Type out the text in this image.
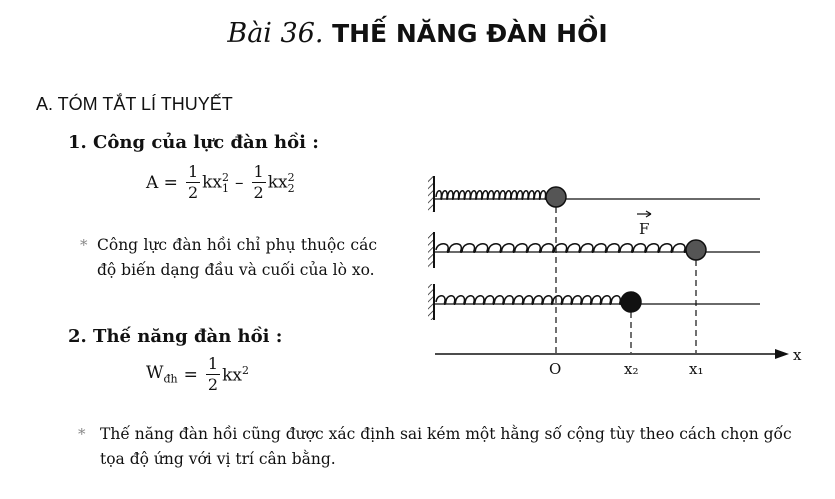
Bài 36. THẾ NĂNG ĐÀN HỒI
A. TÓM TẮT LÍ THUYẾT
1. Công của lực đàn hồi :
$A = \frac{1}{2}$ kx 2
$1 - \frac{1}{2}$ kx 2
2
* Công lực đàn hồi chỉ phụ thuộc các độ biến dạng đầu và cuối của lò xo.
2. Thế năng đàn hồi :
$W_{đh} = \frac{1}{2} kx^2$
F
x
O	x₂	x₁
* Thế năng đàn hồi cũng được xác định sai kém một hằng số cộng tùy theo cách chọn gốc tọa độ ứng với vị trí cân bằng.
